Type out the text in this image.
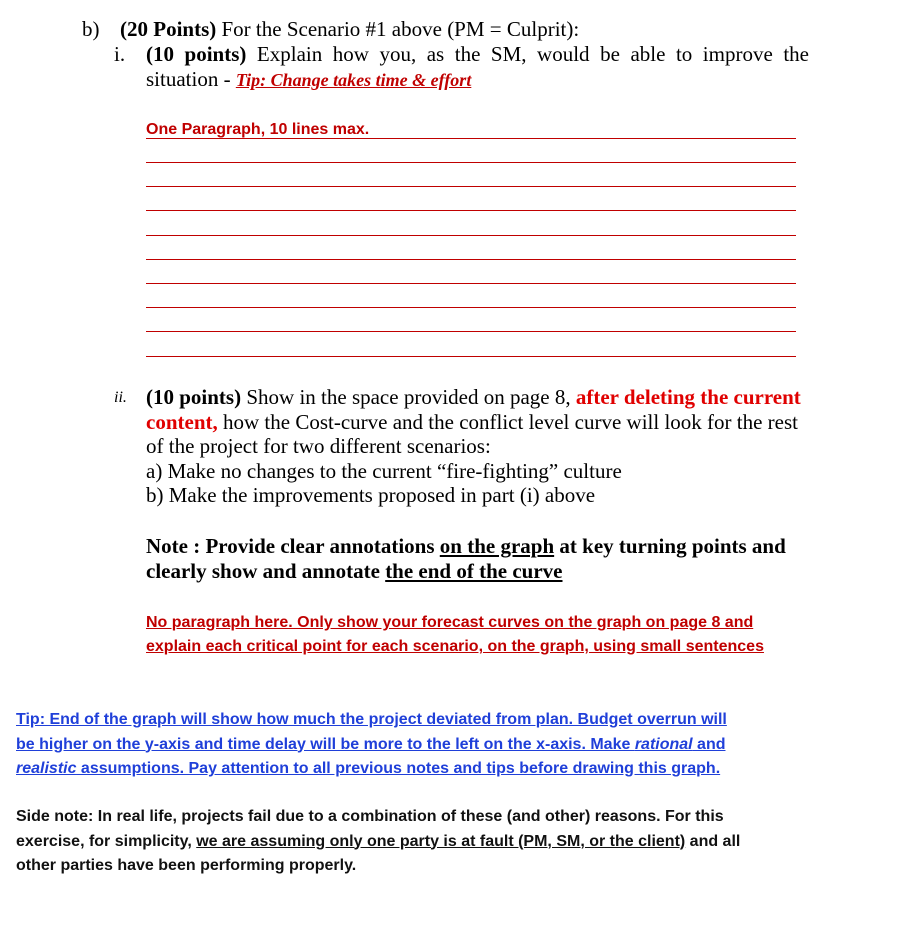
b) (20 Points) For the Scenario #1 above (PM = Culprit):
i. (10 points) Explain how you, as the SM, would be able to improve the
situation - Tip: Change takes time & effort
One Paragraph, 10 lines max.
ii. (10 points) Show in the space provided on page 8, after deleting the current
content, how the Cost-curve and the conflict level curve will look for the rest
of the project for two different scenarios:
a) Make no changes to the current “fire-fighting” culture
b) Make the improvements proposed in part (i) above
Note : Provide clear annotations on the graph at key turning points and
clearly show and annotate the end of the curve
No paragraph here. Only show your forecast curves on the graph on page 8 and
explain each critical point for each scenario, on the graph, using small sentences
Tip: End of the graph will show how much the project deviated from plan. Budget overrun will
be higher on the y-axis and time delay will be more to the left on the x-axis. Make rational and
realistic assumptions. Pay attention to all previous notes and tips before drawing this graph.
Side note: In real life, projects fail due to a combination of these (and other) reasons. For this
exercise, for simplicity, we are assuming only one party is at fault (PM, SM, or the client) and all
other parties have been performing properly.
